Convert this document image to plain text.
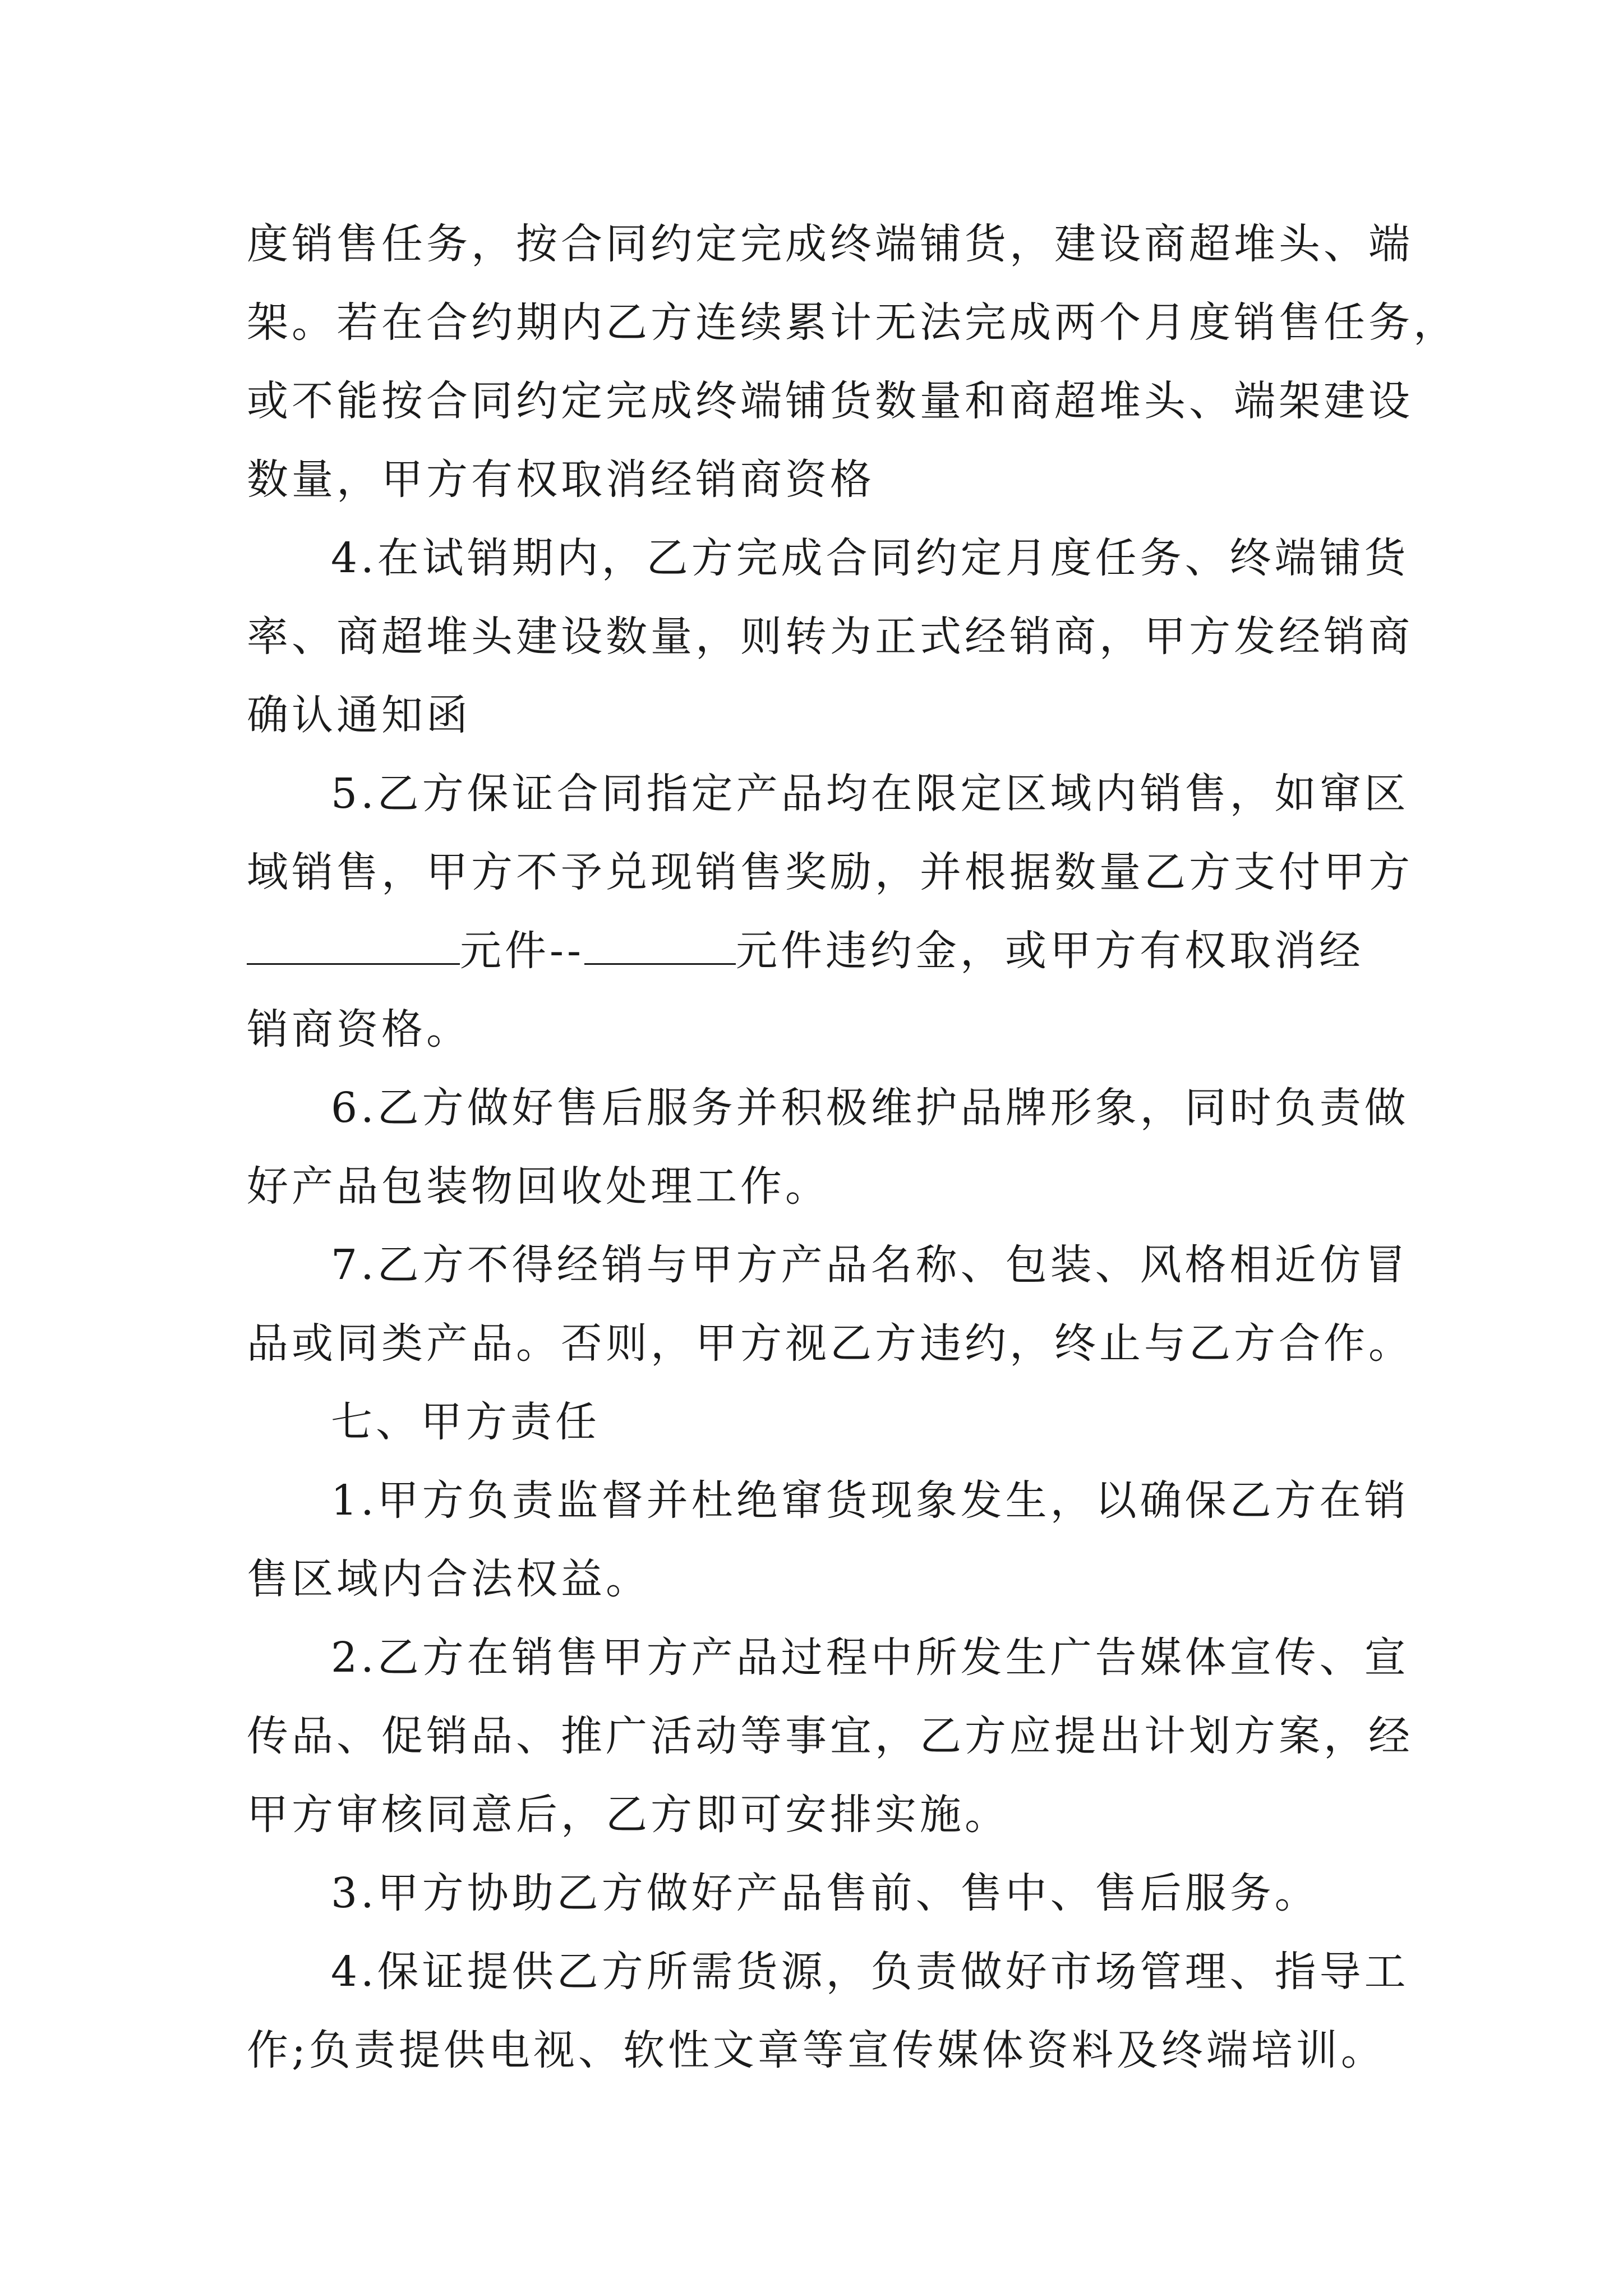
度销售任务，按合同约定完成终端铺货，建设商超堆头、端
架。若在合约期内乙方连续累计无法完成两个月度销售任务，
或不能按合同约定完成终端铺货数量和商超堆头、端架建设
数量，甲方有权取消经销商资格
4.在试销期内，乙方完成合同约定月度任务、终端铺货
率、商超堆头建设数量，则转为正式经销商，甲方发经销商
确认通知函
5.乙方保证合同指定产品均在限定区域内销售，如窜区
域销售，甲方不予兑现销售奖励，并根据数量乙方支付甲方
元件--	元件违约金，或甲方有权取消经
销商资格。
6.乙方做好售后服务并积极维护品牌形象，同时负责做
好产品包装物回收处理工作。
7.乙方不得经销与甲方产品名称、包装、风格相近仿冒
品或同类产品。否则，甲方视乙方违约，终止与乙方合作。
七、甲方责任
1.甲方负责监督并杜绝窜货现象发生，以确保乙方在销
售区域内合法权益。
2.乙方在销售甲方产品过程中所发生广告媒体宣传、宣
传品、促销品、推广活动等事宜，乙方应提出计划方案，经
甲方审核同意后，乙方即可安排实施。
3.甲方协助乙方做好产品售前、售中、售后服务。
4.保证提供乙方所需货源，负责做好市场管理、指导工
作;负责提供电视、软性文章等宣传媒体资料及终端培训。
